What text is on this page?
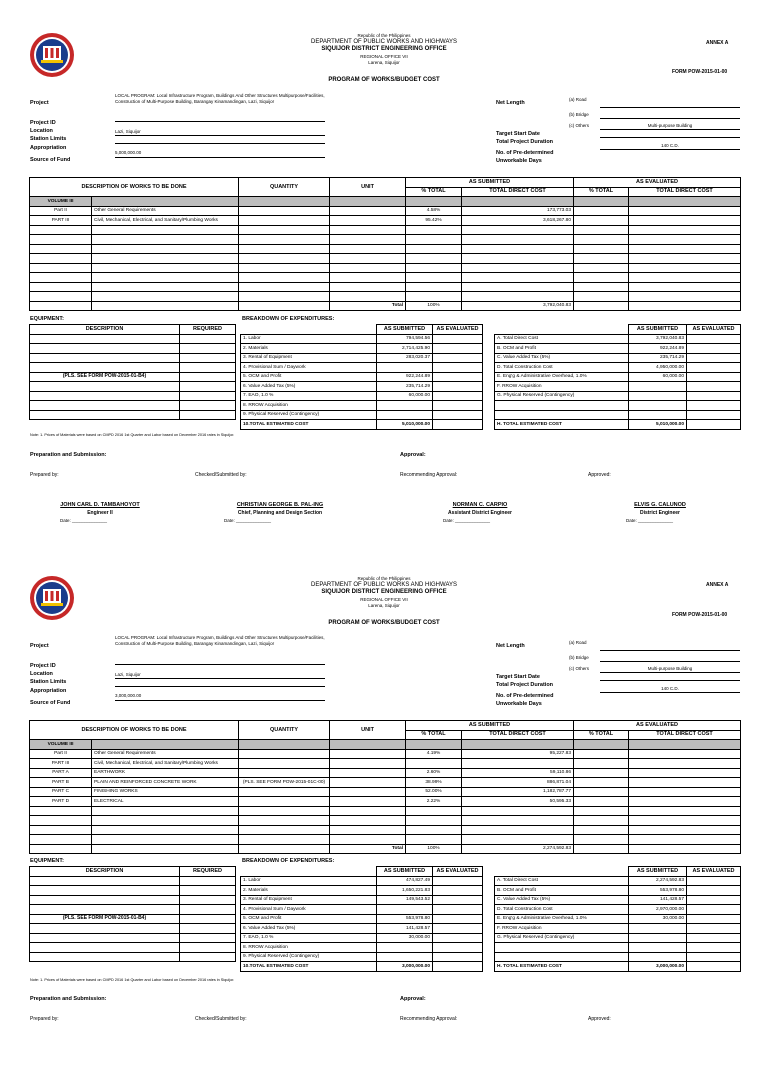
Republic of the Philippines
DEPARTMENT OF PUBLIC WORKS AND HIGHWAYS
SIQUIJOR DISTRICT ENGINEERING OFFICE
REGIONAL OFFICE VII
Larena, Siquijor
ANNEX A
FORM POW-2015-01-00
PROGRAM OF WORKS/BUDGET COST
Project
LOCAL PROGRAM: Local Infrastructure Program, Buildings And Other Structures Multipurpose/Facilities,
Construction of Multi-Purpose Building, Barangay Kinamandingan, Lazi, Siquijor
Project ID
Location	Lazi, Siquijor
Station Limits
Appropriation
5,000,000.00
Source of Fund
Net Length
(a) Road
(b) Bridge
(c) Others	Multi-purpose Building
Target Start Date
Total Project Duration
140 C.D.
No. of Pre-determined
Unworkable Days
DESCRIPTION OF WORKS TO BE DONE		QUANTITY	UNIT	AS SUBMITTED		AS EVALUATED	
				% TOTAL	TOTAL DIRECT COST	% TOTAL	TOTAL DIRECT COST
VOLUME III							
Part II	Other General Requirements			4.58%	173,773.03		
PART III	Civil, Mechanical, Electrical, and Sanitary/Plumbing Works			95.42%	3,618,267.80		

			Total	100%	3,792,040.83		
EQUIPMENT:
DESCRIPTION	REQUIRED

(PLS. SEE FORM POW-2015-01-B4)	

BREAKDOWN OF EXPENDITURES:
	AS SUBMITTED	AS EVALUATED
1. Labor	794,594.56	
2. Materials	2,714,425.90	
3. Rental of Equipment	283,020.37	
4. Provisional Sum / Daywork		
5. OCM and Profit	922,244.89	
6. Value Added Tax (5%)	235,714.29	
7. EAO, 1.0 %	60,000.00	
8. RROW Acquisition		
9. Physical Reserved (Contingency)		
10.TOTAL ESTIMATED COST	5,010,000.00	
	AS SUBMITTED	AS EVALUATED
A. Total Direct Cost	3,792,040.83	
B. OCM and Profit	922,244.89	
C. Value Added Tax (5%)	235,714.29	
D. Total Construction Cost	4,950,000.00	
E. Eng'g & Administrative Overhead, 1.0%	60,000.00	
F. RROW Acquisition		
G. Physical Reserved (Contingency)		

H. TOTAL ESTIMATED COST	5,010,000.00	
Note: 1. Prices of Materials were based on CMPD 2016 1st Quarter and Labor based on December 2016 rates in Siquijor.
Preparation and Submission:	Approval:
Prepared by:	Checked/Submitted by:	Recommending Approval:	Approved:
JOHN CARL D. TAMBAHOYOT
Engineer II
Date: ______________
CHRISTIAN GEORGE B. PAL-ING
Chief, Planning and Design Section
Date: ______________
NORMAN C. CARPIO
Assistant District Engineer
Date: ______________
ELVIS G. CALUNOD
District Engineer
Date: ______________
Republic of the Philippines
DEPARTMENT OF PUBLIC WORKS AND HIGHWAYS
SIQUIJOR DISTRICT ENGINEERING OFFICE
REGIONAL OFFICE VII
Larena, Siquijor
ANNEX A
FORM POW-2015-01-00
PROGRAM OF WORKS/BUDGET COST
Project
LOCAL PROGRAM: Local Infrastructure Program, Buildings And Other Structures Multipurpose/Facilities,
Construction of Multi-Purpose Building, Barangay Kinamandingan, Lazi, Siquijor
Project ID
Location	Lazi, Siquijor
Station Limits
Appropriation
3,000,000.00
Source of Fund
Net Length
(a) Road
(b) Bridge
(c) Others	Multi-purpose Building
Target Start Date
Total Project Duration
140 C.D.
No. of Pre-determined
Unworkable Days
DESCRIPTION OF WORKS TO BE DONE		QUANTITY	UNIT	AS SUBMITTED		AS EVALUATED	
				% TOTAL	TOTAL DIRECT COST	% TOTAL	TOTAL DIRECT COST
VOLUME III							
Part II	Other General Requirements			4.19%	95,227.83		
PART III	Civil, Mechanical, Electrical, and Sanitary/Plumbing Works						
PART A	EARTHWORK			2.60%	59,110.86		
PART B	PLAIN AND REINFORCED CONCRETE WORK	(PLS. SEE FORM POW-2015-01C-00)		38.99%	886,871.04		
PART C	FINISHING WORKS			52.00%	1,182,787.77		
PART D	ELECTRICAL			2.22%	50,595.33		

			Total	100%	2,274,592.83		
EQUIPMENT:
DESCRIPTION	REQUIRED

(PLS. SEE FORM POW-2015-01-B4)	

BREAKDOWN OF EXPENDITURES:
	AS SUBMITTED	AS EVALUATED
1. Labor	474,827.49	
2. Materials	1,650,221.83	
3. Rental of Equipment	149,543.52	
4. Provisional Sum / Daywork		
5. OCM and Profit	553,978.80	
6. Value Added Tax (5%)	141,428.57	
7. EAO, 1.0 %	30,000.00	
8. RROW Acquisition		
9. Physical Reserved (Contingency)		
10.TOTAL ESTIMATED COST	3,000,000.00	
	AS SUBMITTED	AS EVALUATED
A. Total Direct Cost	2,274,592.83	
B. OCM and Profit	553,978.80	
C. Value Added Tax (5%)	141,428.57	
D. Total Construction Cost	2,970,000.00	
E. Eng'g & Administrative Overhead, 1.0%	30,000.00	
F. RROW Acquisition		
G. Physical Reserved (Contingency)		

H. TOTAL ESTIMATED COST	3,000,000.00	
Note: 1. Prices of Materials were based on CMPD 2016 1st Quarter and Labor based on December 2016 rates in Siquijor.
Preparation and Submission:	Approval:
Prepared by:	Checked/Submitted by:	Recommending Approval:	Approved:
